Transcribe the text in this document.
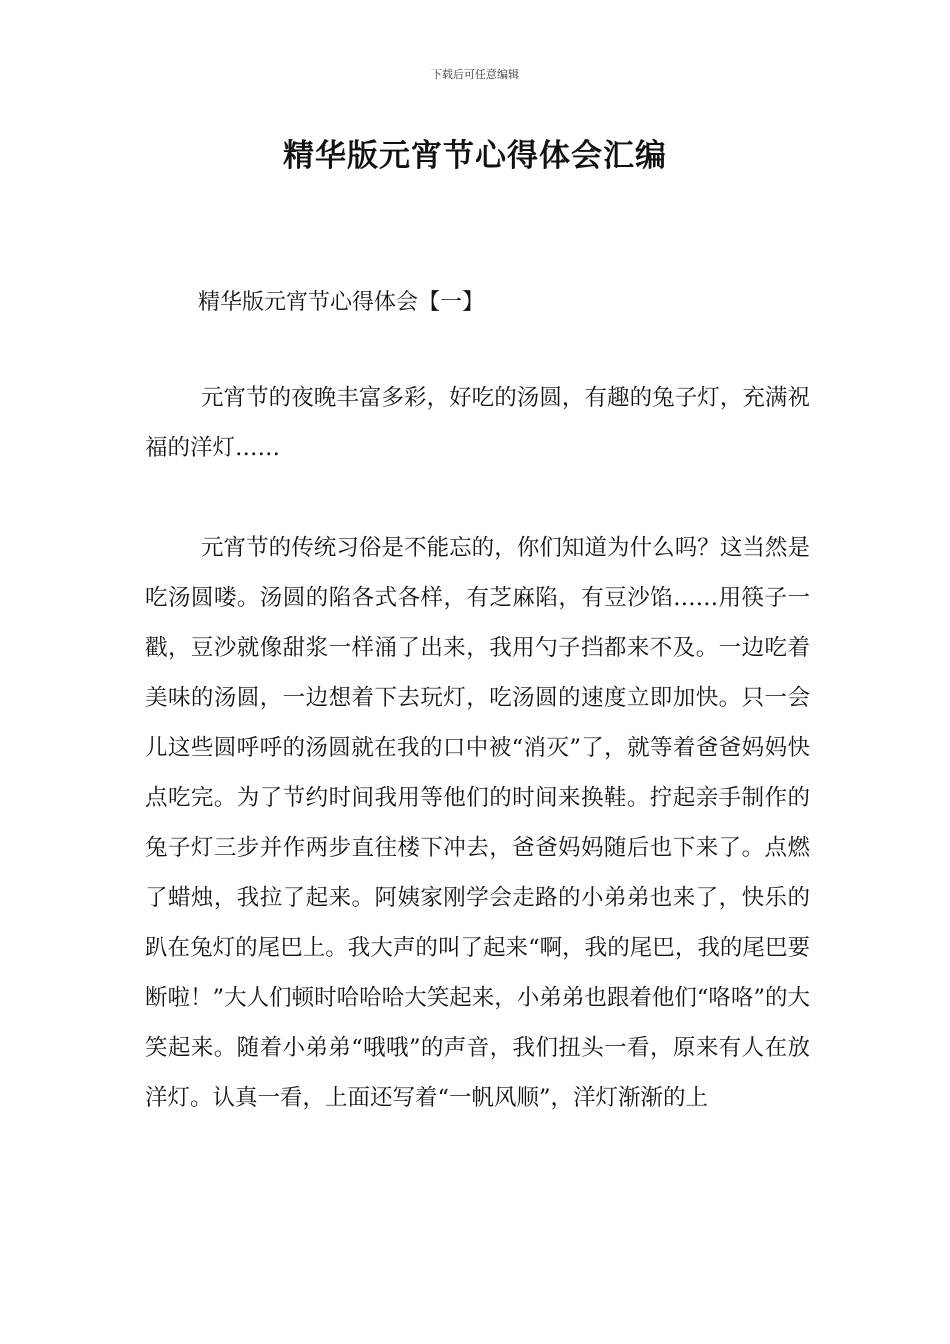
下载后可任意编辑
精华版元宵节心得体会汇编
精华版元宵节心得体会【一】

元宵节的夜晚丰富多彩，好吃的汤圆，有趣的兔子灯，充满祝福的洋灯……

元宵节的传统习俗是不能忘的，你们知道为什么吗？这当然是吃汤圆喽。汤圆的陷各式各样，有芝麻陷，有豆沙馅……用筷子一戳，豆沙就像甜浆一样涌了出来，我用勺子挡都来不及。一边吃着美味的汤圆，一边想着下去玩灯，吃汤圆的速度立即加快。只一会儿这些圆呼呼的汤圆就在我的口中被“消灭”了，就等着爸爸妈妈快点吃完。为了节约时间我用等他们的时间来换鞋。拧起亲手制作的兔子灯三步并作两步直往楼下冲去，爸爸妈妈随后也下来了。点燃了蜡烛，我拉了起来。阿姨家刚学会走路的小弟弟也来了，快乐的趴在兔灯的尾巴上。我大声的叫了起来“啊，我的尾巴，我的尾巴要断啦！”大人们顿时哈哈哈大笑起来，小弟弟也跟着他们“咯咯”的大笑起来。随着小弟弟“哦哦”的声音，我们扭头一看，原来有人在放洋灯。认真一看，上面还写着“一帆风顺”，洋灯渐渐的上
